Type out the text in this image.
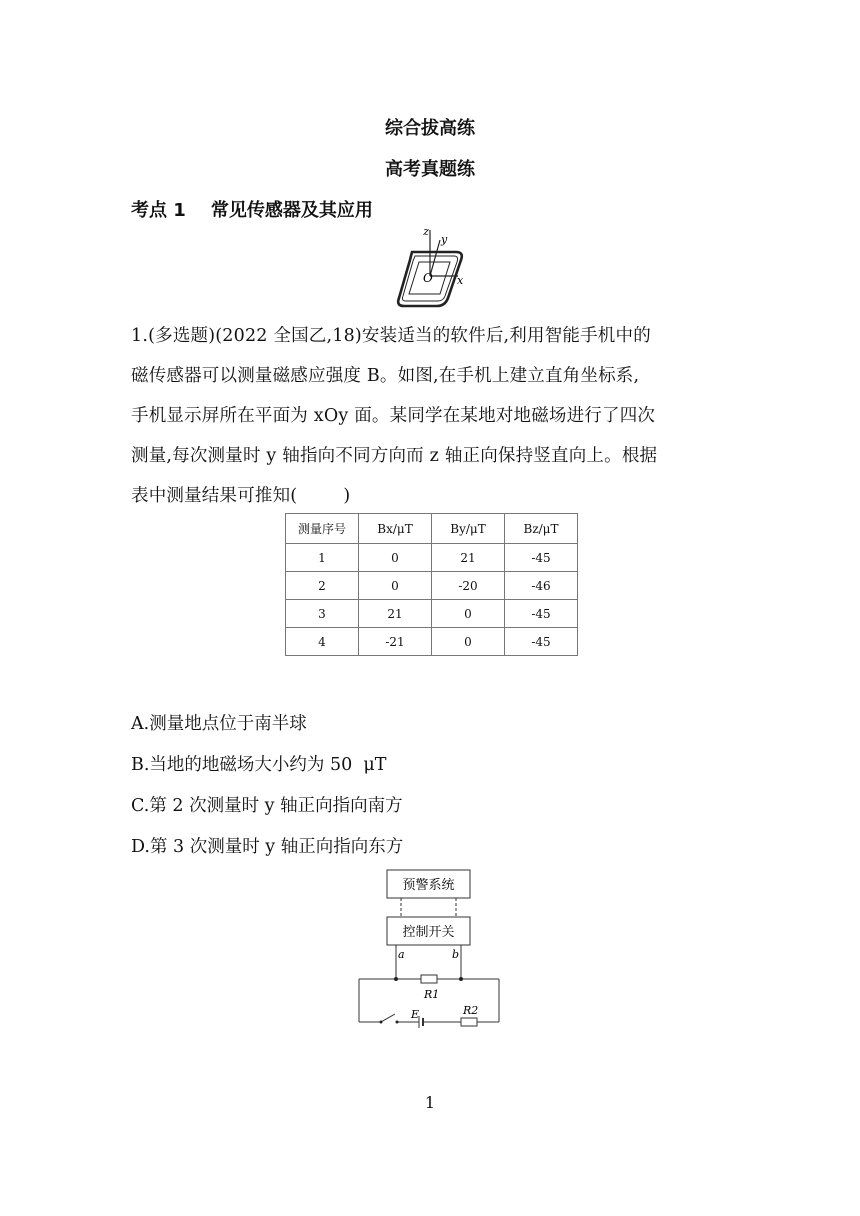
综合拔高练
高考真题练
考点 1    常见传感器及其应用
z
y
x
O
1.(多选题)(2022 全国乙,18)安装适当的软件后,利用智能手机中的
磁传感器可以测量磁感应强度 B。如图,在手机上建立直角坐标系,
手机显示屏所在平面为 xOy 面。某同学在某地对地磁场进行了四次
测量,每次测量时 y 轴指向不同方向而 z 轴正向保持竖直向上。根据
表中测量结果可推知(        )
测量序号	Bx/μT	By/μT	Bz/μT
1	0	21	-45
2	0	-20	-46
3	21	0	-45
4	-21	0	-45
A.测量地点位于南半球
B.当地的地磁场大小约为 50  μT
C.第 2 次测量时 y 轴正向指向南方
D.第 3 次测量时 y 轴正向指向东方
预警系统
控制开关
a	b
R1
R2
E
1
